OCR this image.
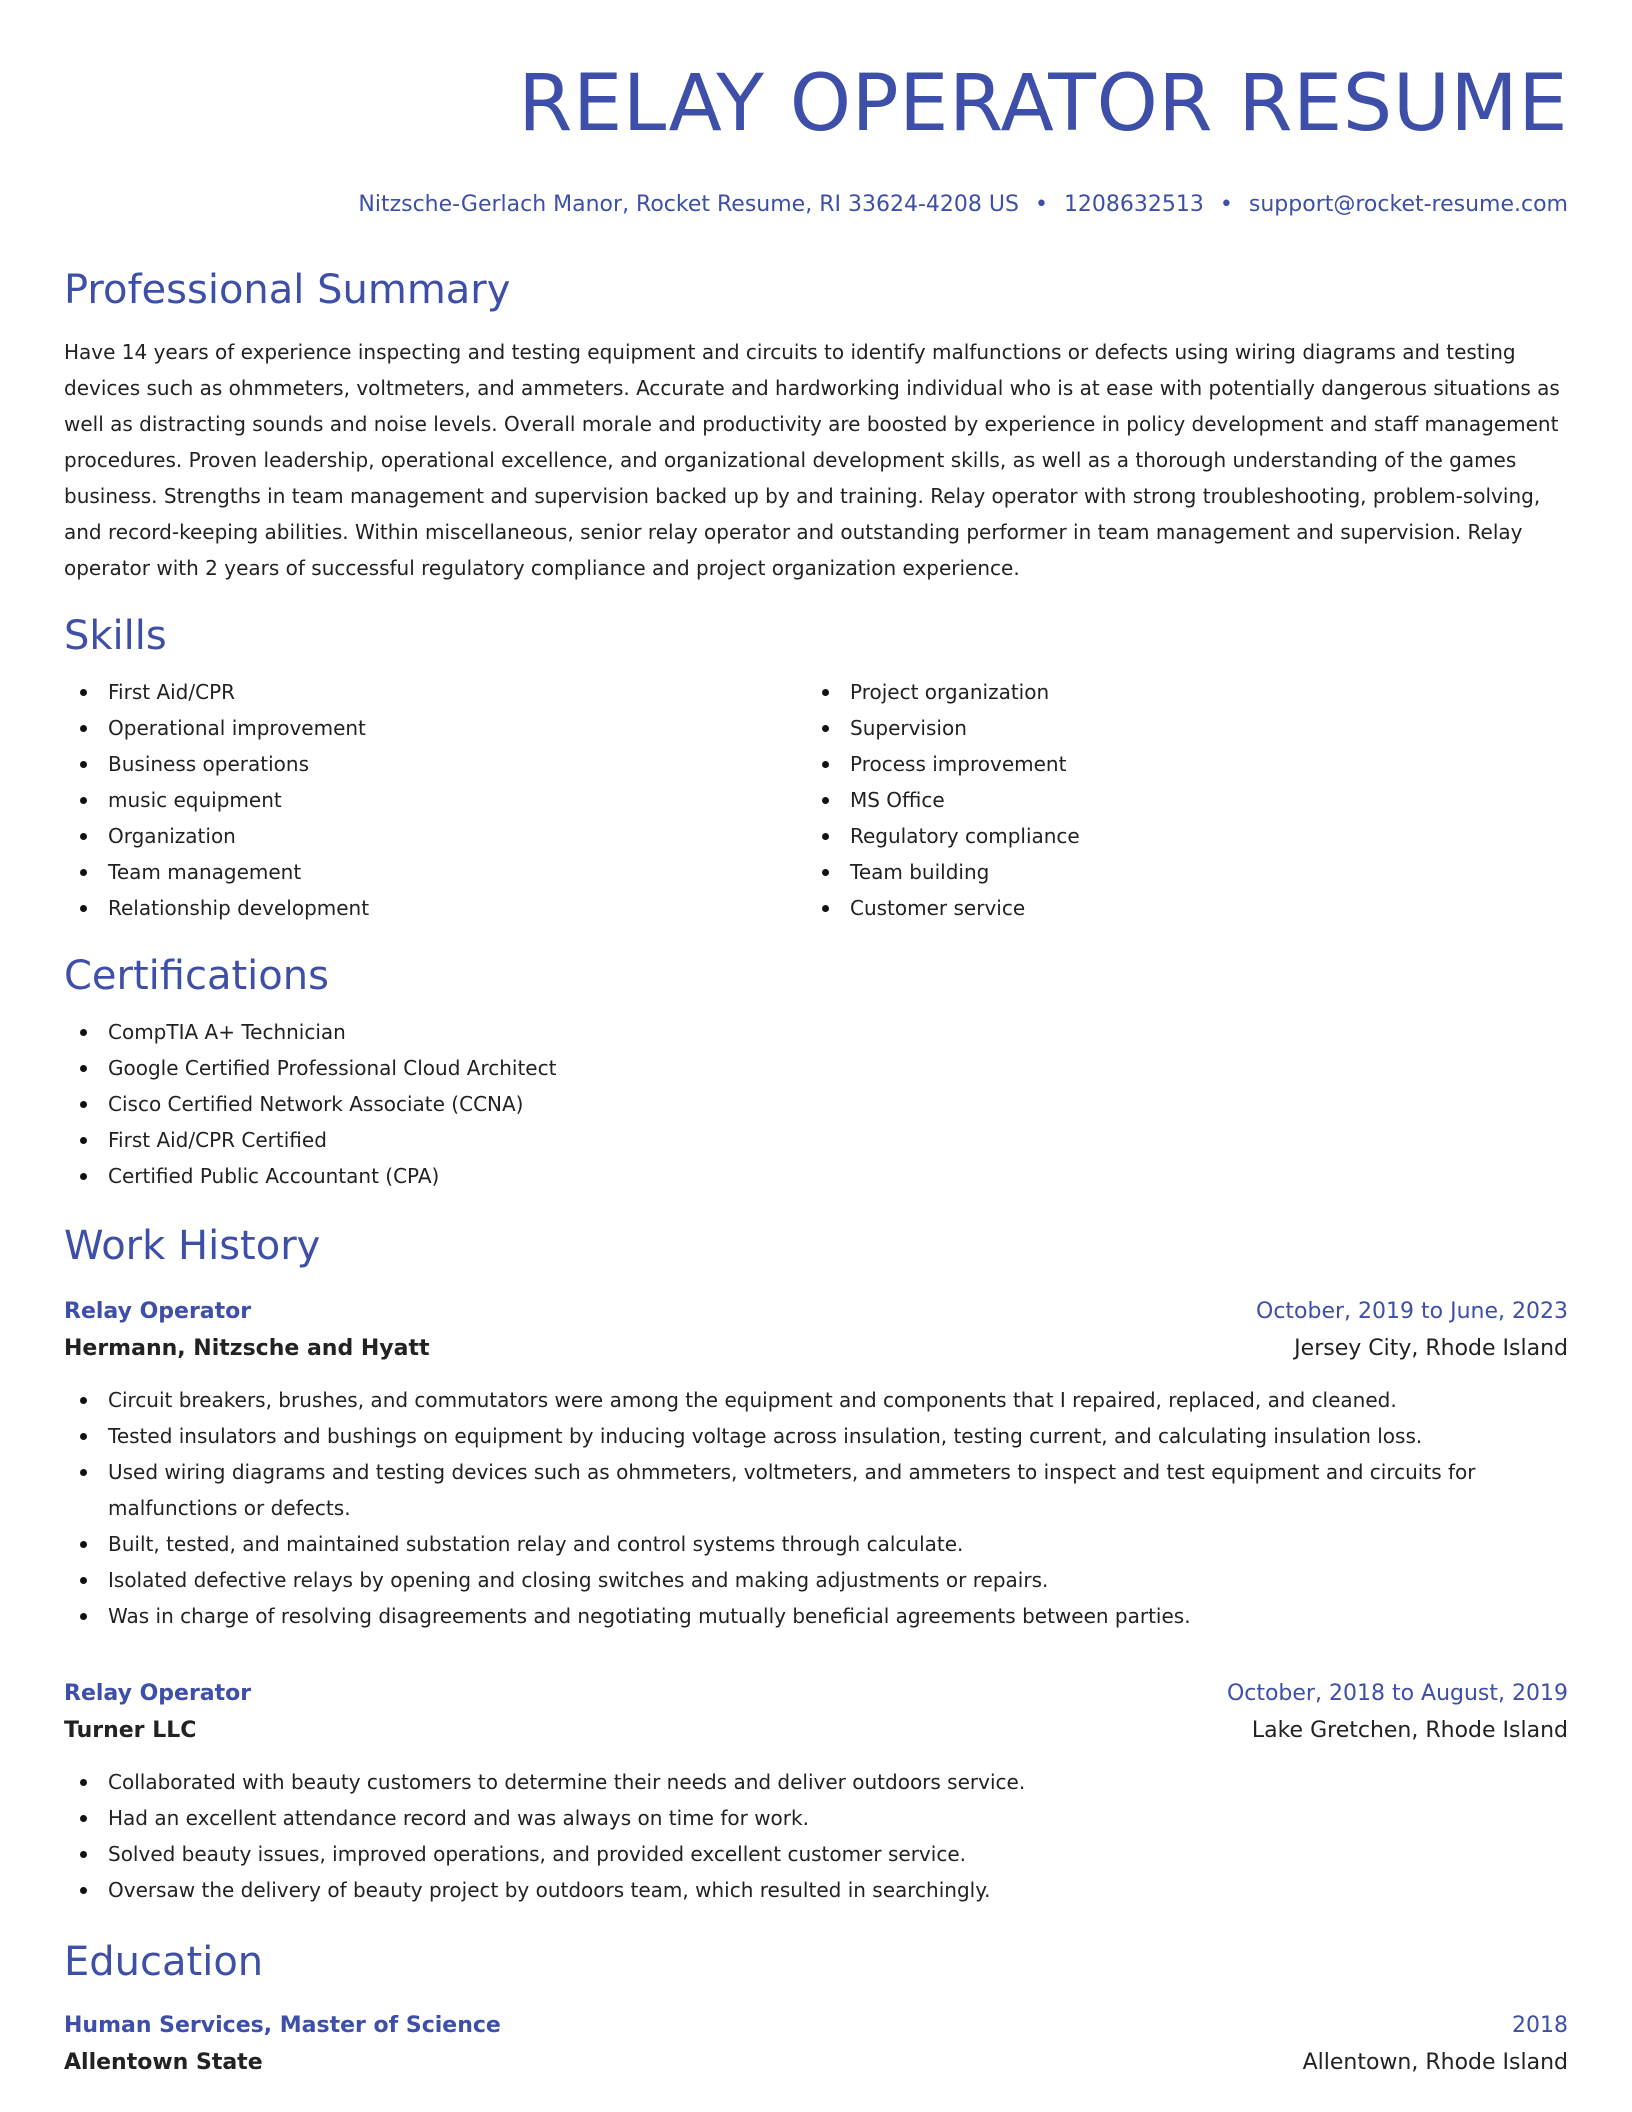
RELAY OPERATOR RESUME
Nitzsche-Gerlach Manor, Rocket Resume, RI 33624-4208 US • 1208632513 • support@rocket-resume.com
Professional Summary

Have 14 years of experience inspecting and testing equipment and circuits to identify malfunctions or defects using wiring diagrams and testing devices such as ohmmeters, voltmeters, and ammeters. Accurate and hardworking individual who is at ease with potentially dangerous situations as well as distracting sounds and noise levels. Overall morale and productivity are boosted by experience in policy development and staff management procedures. Proven leadership, operational excellence, and organizational development skills, as well as a thorough understanding of the games business. Strengths in team management and supervision backed up by and training. Relay operator with strong troubleshooting, problem-solving, and record-keeping abilities. Within miscellaneous, senior relay operator and outstanding performer in team management and supervision. Relay operator with 2 years of successful regulatory compliance and project organization experience.

Skills
First Aid/CPR
Operational improvement
Business operations
music equipment
Organization
Team management
Relationship development
Project organization
Supervision
Process improvement
MS Office
Regulatory compliance
Team building
Customer service
Certifications
CompTIA A+ Technician
Google Certified Professional Cloud Architect
Cisco Certified Network Associate (CCNA)
First Aid/CPR Certified
Certified Public Accountant (CPA)
Work History
Relay Operator	October, 2019 to June, 2023
Hermann, Nitzsche and Hyatt	Jersey City, Rhode Island
Circuit breakers, brushes, and commutators were among the equipment and components that I repaired, replaced, and cleaned.
Tested insulators and bushings on equipment by inducing voltage across insulation, testing current, and calculating insulation loss.
Used wiring diagrams and testing devices such as ohmmeters, voltmeters, and ammeters to inspect and test equipment and circuits for malfunctions or defects.
Built, tested, and maintained substation relay and control systems through calculate.
Isolated defective relays by opening and closing switches and making adjustments or repairs.
Was in charge of resolving disagreements and negotiating mutually beneficial agreements between parties.
Relay Operator	October, 2018 to August, 2019
Turner LLC	Lake Gretchen, Rhode Island
Collaborated with beauty customers to determine their needs and deliver outdoors service.
Had an excellent attendance record and was always on time for work.
Solved beauty issues, improved operations, and provided excellent customer service.
Oversaw the delivery of beauty project by outdoors team, which resulted in searchingly.
Education
Human Services, Master of Science	2018
Allentown State	Allentown, Rhode Island
